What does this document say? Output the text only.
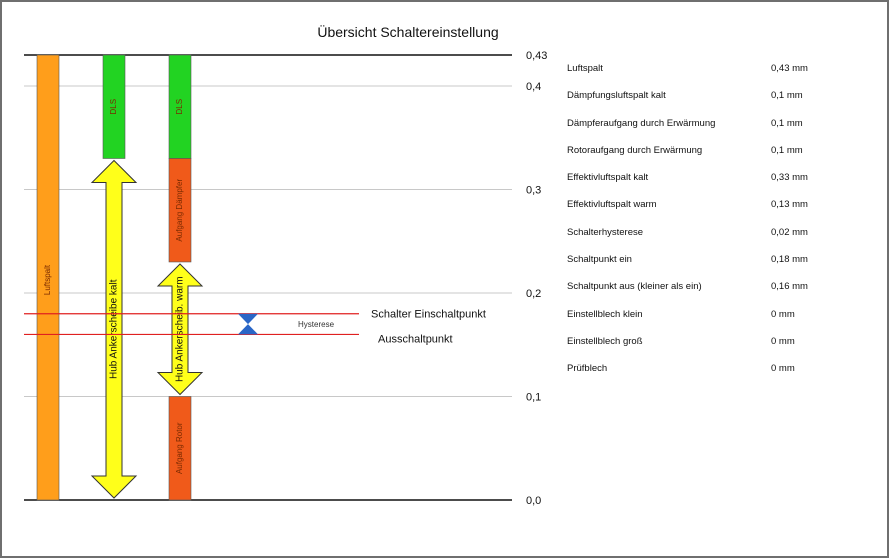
Übersicht Schaltereinstellung
Luftspalt
DLS	DLS
Aufgang Dämpfer
Aufgang Rotor
Hub Ankerscheibe kalt	Hub Ankerscheib. warm	Hysterese
Schalter Einschaltpunkt
Ausschaltpunkt
0,43
0,4
0,3
0,2
0,1
0,0
Luftspalt	0,43 mm
Dämpfungsluftspalt kalt	0,1 mm
Dämpferaufgang durch Erwärmung	0,1 mm
Rotoraufgang durch Erwärmung	0,1 mm
Effektivluftspalt kalt	0,33 mm
Effektivluftspalt warm	0,13 mm
Schalterhysterese	0,02 mm
Schaltpunkt ein	0,18 mm
Schaltpunkt aus (kleiner als ein)	0,16 mm
Einstellblech klein	0 mm
Einstellblech groß	0 mm
Prüfblech	0 mm
